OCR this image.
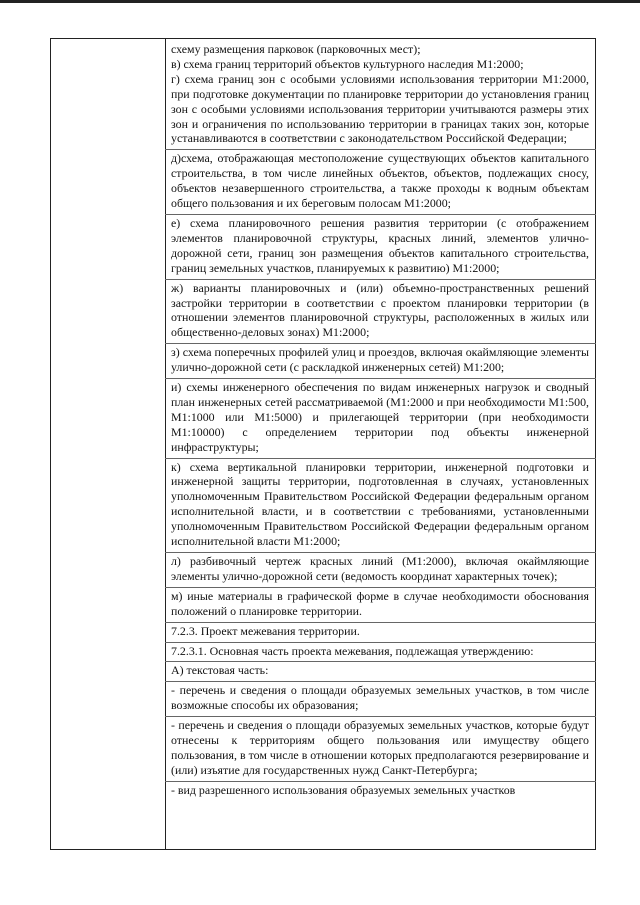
схему размещения парковок (парковочных мест);
в) схема границ территорий объектов культурного наследия М1:2000;
г) схема границ зон с особыми условиями использования территории М1:2000, при подготовке документации по планировке территории до установления границ зон с особыми условиями использования территории учитываются размеры этих зон и ограничения по использованию территории в границах таких зон, которые устанавливаются в соответствии с законодательством Российской Федерации;
д)схема, отображающая местоположение существующих объектов капитального строительства, в том числе линейных объектов, объектов, подлежащих сносу, объектов незавершенного строительства, а также проходы к водным объектам общего пользования и их береговым полосам М1:2000;
е) схема планировочного решения развития территории (с отображением элементов планировочной структуры, красных линий, элементов улично-дорожной сети, границ зон размещения объектов капитального строительства, границ земельных участков, планируемых к развитию) М1:2000;
ж) варианты планировочных и (или) объемно-пространственных решений застройки территории в соответствии с проектом планировки территории (в отношении элементов планировочной структуры, расположенных в жилых или общественно-деловых зонах) М1:2000;
з) схема поперечных профилей улиц и проездов, включая окаймляющие элементы улично-дорожной сети (с раскладкой инженерных сетей) М1:200;
и) схемы инженерного обеспечения по видам инженерных нагрузок и сводный план инженерных сетей рассматриваемой (М1:2000 и при необходимости М1:500, М1:1000 или М1:5000) и прилегающей территории (при необходимости М1:10000) с определением территории под объекты инженерной инфраструктуры;
к) схема вертикальной планировки территории, инженерной подготовки и инженерной защиты территории, подготовленная в случаях, установленных уполномоченным Правительством Российской Федерации федеральным органом исполнительной власти, и в соответствии с требованиями, установленными уполномоченным Правительством Российской Федерации федеральным органом исполнительной власти М1:2000;
л) разбивочный чертеж красных линий (М1:2000), включая окаймляющие элементы улично-дорожной сети (ведомость координат характерных точек);
м) иные материалы в графической форме в случае необходимости обоснования положений о планировке территории.
7.2.3. Проект межевания территории.
7.2.3.1. Основная часть проекта межевания, подлежащая утверждению:
А) текстовая часть:
- перечень и сведения о площади образуемых земельных участков, в том числе возможные способы их образования;
- перечень и сведения о площади образуемых земельных участков, которые будут отнесены к территориям общего пользования или имуществу общего пользования, в том числе в отношении которых предполагаются резервирование и (или) изъятие для государственных нужд Санкт-Петербурга;
- вид разрешенного использования образуемых земельных участков
